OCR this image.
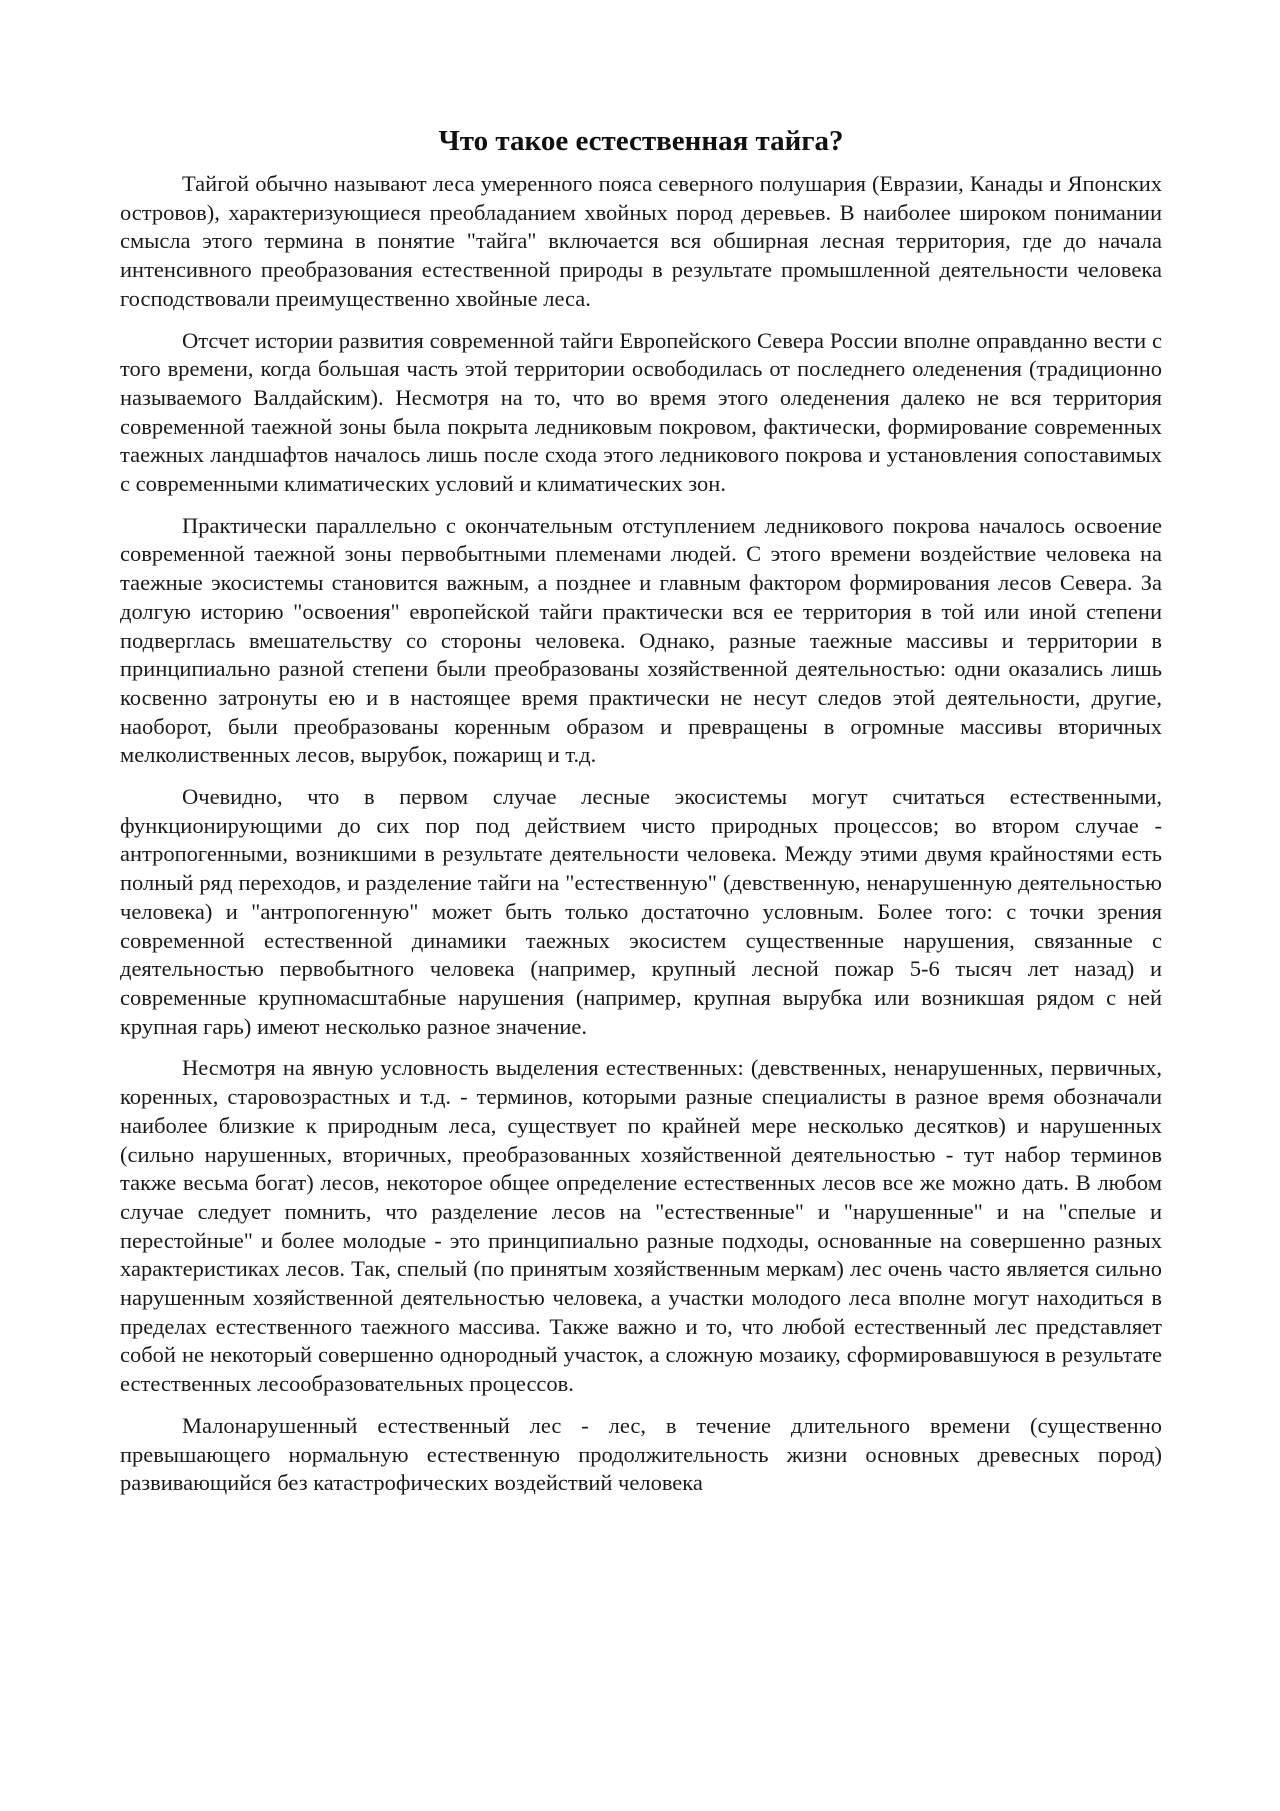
Что такое естественная тайга?

Тайгой обычно называют леса умеренного пояса северного полушария (Евразии, Канады и Японских островов), характеризующиеся преобладанием хвойных пород деревьев. В наиболее широком понимании смысла этого термина в понятие "тайга" включается вся обширная лесная территория, где до начала интенсивного преобразования естественной природы в результате промышленной деятельности человека господствовали преимущественно хвойные леса.

Отсчет истории развития современной тайги Европейского Севера России вполне оправданно вести с того времени, когда большая часть этой территории освободилась от последнего оледенения (традиционно называемого Валдайским). Несмотря на то, что во время этого оледенения далеко не вся территория современной таежной зоны была покрыта ледниковым покровом, фактически, формирование современных таежных ландшафтов началось лишь после схода этого ледникового покрова и установления сопоставимых с современными климатических условий и климатических зон.

Практически параллельно с окончательным отступлением ледникового покрова началось освоение современной таежной зоны первобытными племенами людей. С этого времени воздействие человека на таежные экосистемы становится важным, а позднее и главным фактором формирования лесов Севера. За долгую историю "освоения" европейской тайги практически вся ее территория в той или иной степени подверглась вмешательству со стороны человека. Однако, разные таежные массивы и территории в принципиально разной степени были преобразованы хозяйственной деятельностью: одни оказались лишь косвенно затронуты ею и в настоящее время практически не несут следов этой деятельности, другие, наоборот, были преобразованы коренным образом и превращены в огромные массивы вторичных мелколиственных лесов, вырубок, пожарищ и т.д.

Очевидно, что в первом случае лесные экосистемы могут считаться естественными, функционирующими до сих пор под действием чисто природных процессов; во втором случае - антропогенными, возникшими в результате деятельности человека. Между этими двумя крайностями есть полный ряд переходов, и разделение тайги на "естественную" (девственную, ненарушенную деятельностью человека) и "антропогенную" может быть только достаточно условным. Более того: с точки зрения современной естественной динамики таежных экосистем существенные нарушения, связанные с деятельностью первобытного человека (например, крупный лесной пожар 5-6 тысяч лет назад) и современные крупномасштабные нарушения (например, крупная вырубка или возникшая рядом с ней крупная гарь) имеют несколько разное значение.

Несмотря на явную условность выделения естественных: (девственных, ненарушенных, первичных, коренных, старовозрастных и т.д. - терминов, которыми разные специалисты в разное время обозначали наиболее близкие к природным леса, существует по крайней мере несколько десятков) и нарушенных (сильно нарушенных, вторичных, преобразованных хозяйственной деятельностью - тут набор терминов также весьма богат) лесов, некоторое общее определение естественных лесов все же можно дать. В любом случае следует помнить, что разделение лесов на "естественные" и "нарушенные" и на "спелые и перестойные" и более молодые - это принципиально разные подходы, основанные на совершенно разных характеристиках лесов. Так, спелый (по принятым хозяйственным меркам) лес очень часто является сильно нарушенным хозяйственной деятельностью человека, а участки молодого леса вполне могут находиться в пределах естественного таежного массива. Также важно и то, что любой естественный лес представляет собой не некоторый совершенно однородный участок, а сложную мозаику, сформировавшуюся в результате естественных лесообразовательных процессов.

Малонарушенный естественный лес - лес, в течение длительного времени (существенно превышающего нормальную естественную продолжительность жизни основных древесных пород) развивающийся без катастрофических воздействий человека
